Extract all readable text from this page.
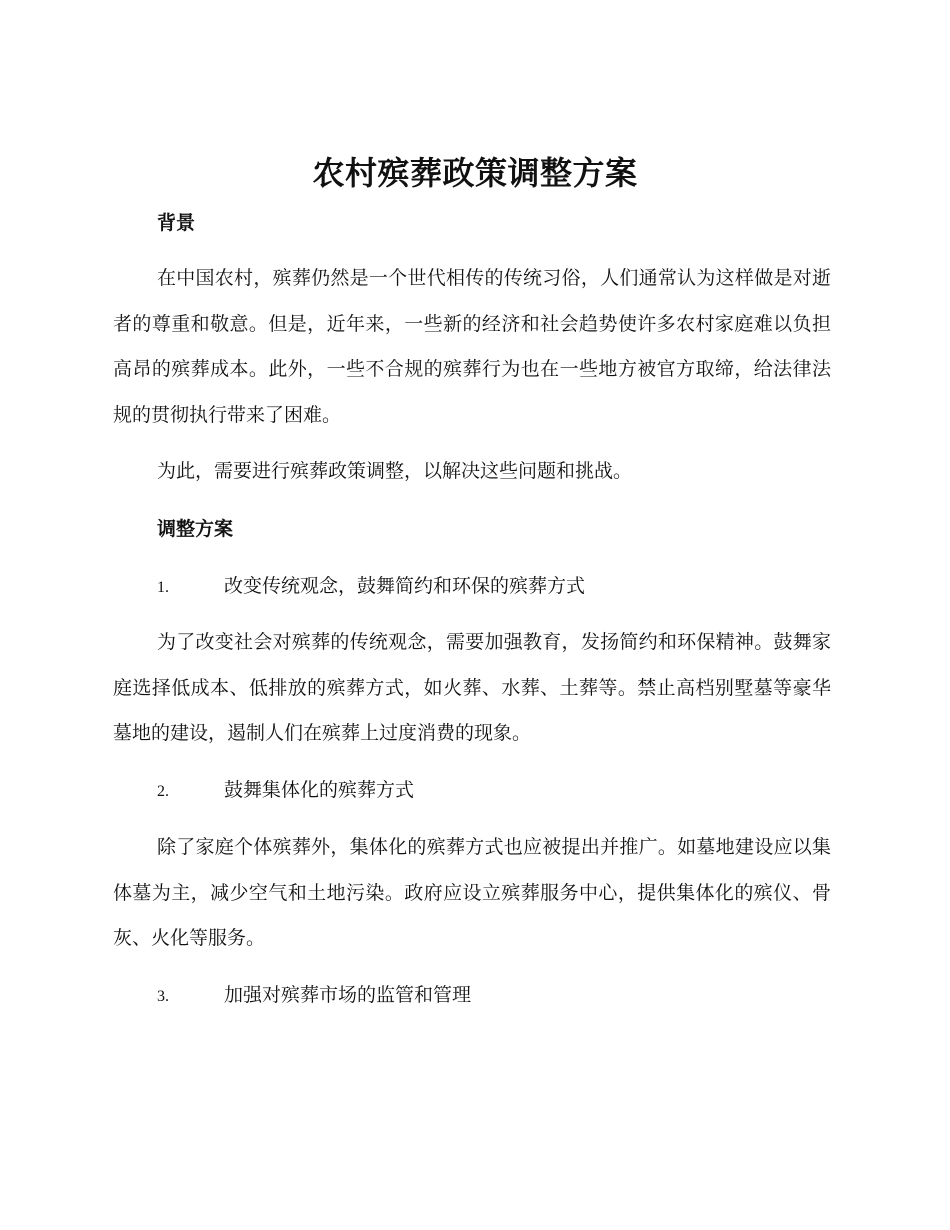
农村殡葬政策调整方案
背景

在中国农村，殡葬仍然是一个世代相传的传统习俗，人们通常认为这样做是对逝者的尊重和敬意。但是，近年来，一些新的经济和社会趋势使许多农村家庭难以负担高昂的殡葬成本。此外，一些不合规的殡葬行为也在一些地方被官方取缔，给法律法规的贯彻执行带来了困难。

为此，需要进行殡葬政策调整，以解决这些问题和挑战。

调整方案
1.	改变传统观念，鼓舞简约和环保的殡葬方式

为了改变社会对殡葬的传统观念，需要加强教育，发扬简约和环保精神。鼓舞家庭选择低成本、低排放的殡葬方式，如火葬、水葬、土葬等。禁止高档别墅墓等豪华墓地的建设，遏制人们在殡葬上过度消费的现象。

2.	鼓舞集体化的殡葬方式

除了家庭个体殡葬外，集体化的殡葬方式也应被提出并推广。如墓地建设应以集体墓为主，减少空气和土地污染。政府应设立殡葬服务中心，提供集体化的殡仪、骨灰、火化等服务。

3.	加强对殡葬市场的监管和管理
